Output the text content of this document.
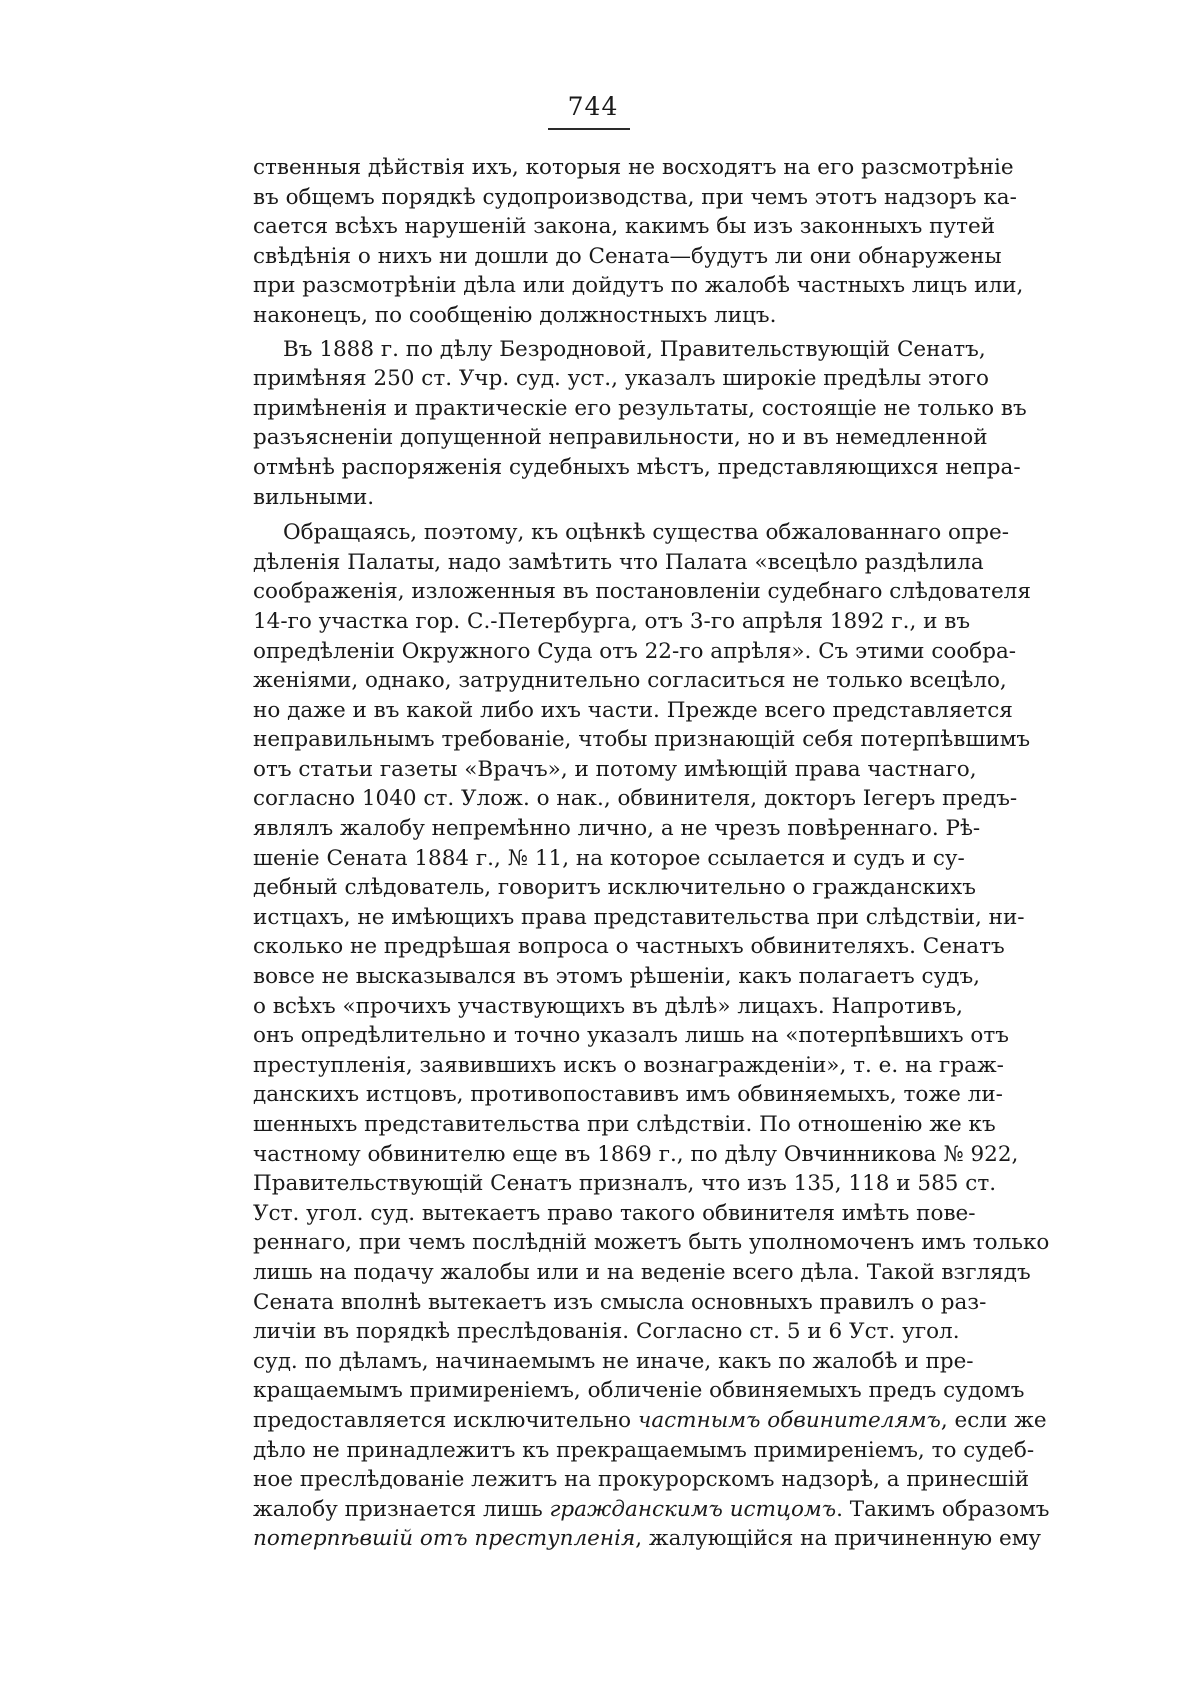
744
ственныя дѣйствія ихъ, которыя не восходятъ на его разсмотрѣніе
въ общемъ порядкѣ судопроизводства, при чемъ этотъ надзоръ ка-
сается всѣхъ нарушеній закона, какимъ бы изъ законныхъ путей
свѣдѣнія о нихъ ни дошли до Сената—будутъ ли они обнаружены
при разсмотрѣніи дѣла или дойдутъ по жалобѣ частныхъ лицъ или,
наконецъ, по сообщенію должностныхъ лицъ.
Въ 1888 г. по дѣлу Безродновой, Правительствующій Сенатъ,
примѣняя 250 ст. Учр. суд. уст., указалъ широкіе предѣлы этого
примѣненія и практическіе его результаты, состоящіе не только въ
разъясненіи допущенной неправильности, но и въ немедленной
отмѣнѣ распоряженія судебныхъ мѣстъ, представляющихся непра-
вильными.
Обращаясь, поэтому, къ оцѣнкѣ существа обжалованнаго опре-
дѣленія Палаты, надо замѣтить что Палата «всецѣло раздѣлила
соображенія, изложенныя въ постановленіи судебнаго слѣдователя
14-го участка гор. С.-Петербурга, отъ 3-го апрѣля 1892 г., и въ
опредѣленіи Окружного Суда отъ 22-го апрѣля». Съ этими сообра-
женіями, однако, затруднительно согласиться не только всецѣло,
но даже и въ какой либо ихъ части. Прежде всего представляется
неправильнымъ требованіе, чтобы признающій себя потерпѣвшимъ
отъ статьи газеты «Врачъ», и потому имѣющій права частнаго,
согласно 1040 ст. Улож. о нак., обвинителя, докторъ Iегеръ предъ-
являлъ жалобу непремѣнно лично, а не чрезъ повѣреннаго. Рѣ-
шеніе Сената 1884 г., № 11, на которое ссылается и судъ и су-
дебный слѣдователь, говоритъ исключительно о гражданскихъ
истцахъ, не имѣющихъ права представительства при слѣдствіи, ни-
сколько не предрѣшая вопроса о частныхъ обвинителяхъ. Сенатъ
вовсе не высказывался въ этомъ рѣшеніи, какъ полагаетъ судъ,
о всѣхъ «прочихъ участвующихъ въ дѣлѣ» лицахъ. Напротивъ,
онъ опредѣлительно и точно указалъ лишь на «потерпѣвшихъ отъ
преступленія, заявившихъ искъ о вознагражденіи», т. е. на граж-
данскихъ истцовъ, противопоставивъ имъ обвиняемыхъ, тоже ли-
шенныхъ представительства при слѣдствіи. По отношенію же къ
частному обвинителю еще въ 1869 г., по дѣлу Овчинникова № 922,
Правительствующій Сенатъ призналъ, что изъ 135, 118 и 585 ст.
Уст. угол. суд. вытекаетъ право такого обвинителя имѣть пове-
реннаго, при чемъ послѣдній можетъ быть уполномоченъ имъ только
лишь на подачу жалобы или и на веденіе всего дѣла. Такой взглядъ
Сената вполнѣ вытекаетъ изъ смысла основныхъ правилъ о раз-
личіи въ порядкѣ преслѣдованія. Согласно ст. 5 и 6 Уст. угол.
суд. по дѣламъ, начинаемымъ не иначе, какъ по жалобѣ и пре-
кращаемымъ примиреніемъ, обличеніе обвиняемыхъ предъ судомъ
предоставляется исключительно частнымъ обвинителямъ, если же
дѣло не принадлежитъ къ прекращаемымъ примиреніемъ, то судеб-
ное преслѣдованіе лежитъ на прокурорскомъ надзорѣ, а принесшій
жалобу признается лишь гражданскимъ истцомъ. Такимъ образомъ
потерпѣвшій отъ преступленія, жалующійся на причиненную ему
